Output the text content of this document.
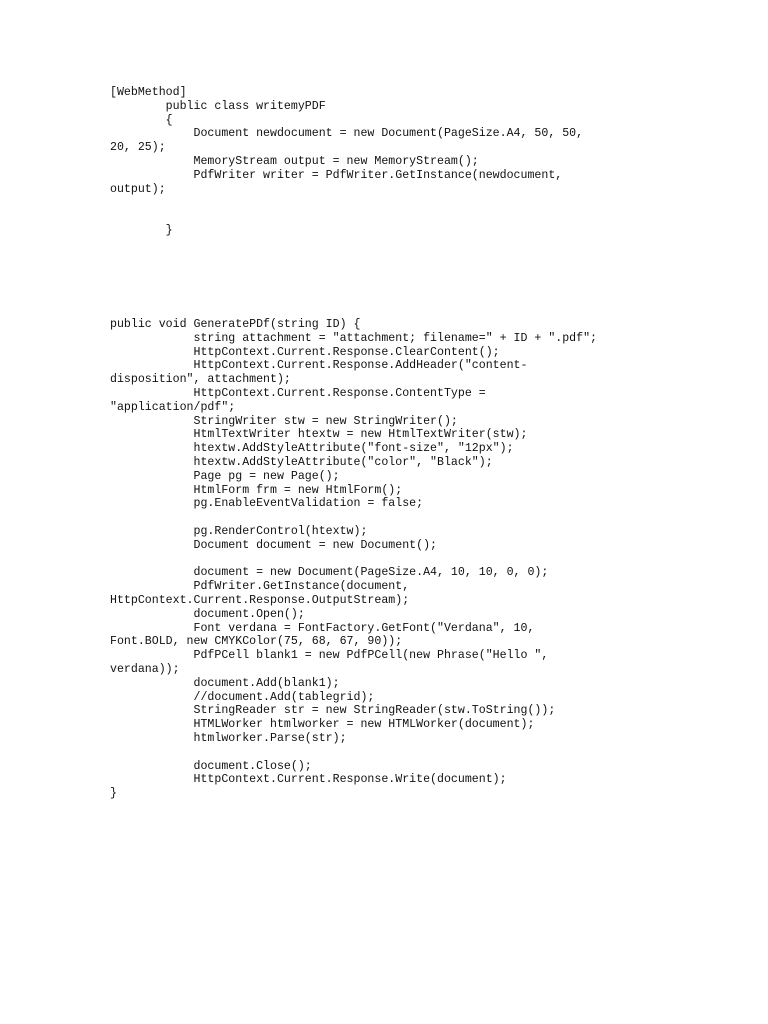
[WebMethod]
public class writemyPDF
{
Document newdocument = new Document(PageSize.A4, 50, 50,
20, 25);
MemoryStream output = new MemoryStream();
PdfWriter writer = PdfWriter.GetInstance(newdocument,
output);
}
public void GeneratePDf(string ID) {
string attachment = "attachment; filename=" + ID + ".pdf";
HttpContext.Current.Response.ClearContent();
HttpContext.Current.Response.AddHeader("content-
disposition", attachment);
HttpContext.Current.Response.ContentType =
"application/pdf";
StringWriter stw = new StringWriter();
HtmlTextWriter htextw = new HtmlTextWriter(stw);
htextw.AddStyleAttribute("font-size", "12px");
htextw.AddStyleAttribute("color", "Black");
Page pg = new Page();
HtmlForm frm = new HtmlForm();
pg.EnableEventValidation = false;
pg.RenderControl(htextw);
Document document = new Document();
document = new Document(PageSize.A4, 10, 10, 0, 0);
PdfWriter.GetInstance(document,
HttpContext.Current.Response.OutputStream);
document.Open();
Font verdana = FontFactory.GetFont("Verdana", 10,
Font.BOLD, new CMYKColor(75, 68, 67, 90));
PdfPCell blank1 = new PdfPCell(new Phrase("Hello ",
verdana));
document.Add(blank1);
//document.Add(tablegrid);
StringReader str = new StringReader(stw.ToString());
HTMLWorker htmlworker = new HTMLWorker(document);
htmlworker.Parse(str);
document.Close();
HttpContext.Current.Response.Write(document);
}
